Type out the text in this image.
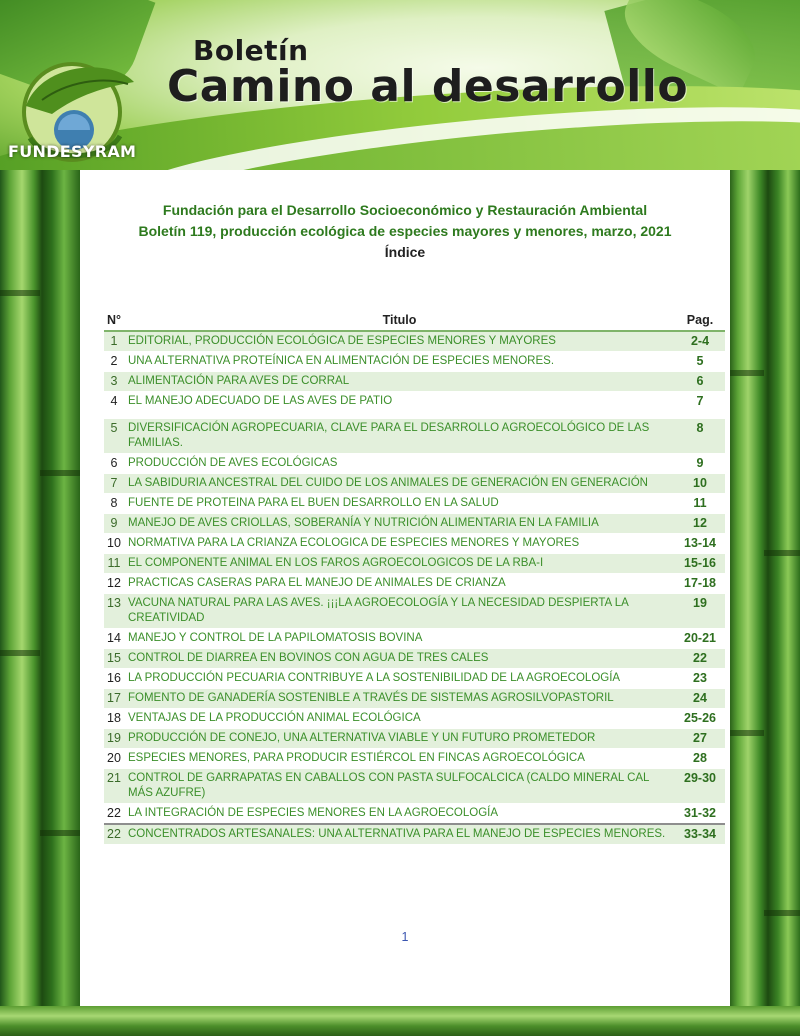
Boletín
Camino al desarrollo
FUNDESYRAM
Fundación para el Desarrollo Socioeconómico y Restauración Ambiental
Boletín 119, producción ecológica de especies mayores y menores, marzo, 2021
Índice
N°	Titulo	Pag.
1	EDITORIAL, PRODUCCIÓN ECOLÓGICA DE ESPECIES MENORES Y MAYORES	2-4
2	UNA ALTERNATIVA PROTEÍNICA EN ALIMENTACIÓN DE ESPECIES MENORES.	5
3	ALIMENTACIÓN PARA AVES DE CORRAL	6
4	EL MANEJO ADECUADO DE LAS AVES DE PATIO	7
5	DIVERSIFICACIÓN AGROPECUARIA, CLAVE PARA EL DESARROLLO AGROECOLÓGICO DE LAS FAMILIAS.	8
6	PRODUCCIÓN DE AVES ECOLÓGICAS	9
7	LA SABIDURIA ANCESTRAL DEL CUIDO DE LOS ANIMALES DE GENERACIÓN EN GENERACIÓN	10
8	FUENTE DE PROTEINA PARA EL BUEN DESARROLLO EN LA SALUD	11
9	MANEJO DE AVES CRIOLLAS, SOBERANÍA Y NUTRICIÓN ALIMENTARIA EN LA FAMILIA	12
10	NORMATIVA PARA LA CRIANZA ECOLOGICA DE ESPECIES MENORES Y MAYORES	13-14
11	EL COMPONENTE ANIMAL EN LOS FAROS AGROECOLOGICOS DE LA RBA-I	15-16
12	PRACTICAS CASERAS PARA EL MANEJO DE ANIMALES DE CRIANZA	17-18
13	VACUNA NATURAL PARA LAS AVES. ¡¡¡LA AGROECOLOGÍA Y LA NECESIDAD DESPIERTA LA CREATIVIDAD	19
14	MANEJO Y CONTROL DE LA PAPILOMATOSIS BOVINA	20-21
15	CONTROL DE DIARREA EN BOVINOS CON AGUA DE TRES CALES	22
16	LA PRODUCCIÓN PECUARIA CONTRIBUYE A LA SOSTENIBILIDAD DE LA AGROECOLOGÍA	23
17	FOMENTO DE GANADERÍA SOSTENIBLE A TRAVÉS DE SISTEMAS AGROSILVOPASTORIL	24
18	VENTAJAS DE LA PRODUCCIÓN ANIMAL ECOLÓGICA	25-26
19	PRODUCCIÓN DE CONEJO, UNA ALTERNATIVA VIABLE Y UN FUTURO PROMETEDOR	27
20	ESPECIES MENORES, PARA PRODUCIR ESTIÉRCOL EN FINCAS AGROECOLÓGICA	28
21	CONTROL DE GARRAPATAS EN CABALLOS CON PASTA SULFOCALCICA (CALDO MINERAL CAL MÁS AZUFRE)	29-30
22	LA INTEGRACIÓN DE ESPECIES MENORES EN LA AGROECOLOGÍA	31-32
22	CONCENTRADOS ARTESANALES: UNA ALTERNATIVA PARA EL MANEJO DE ESPECIES MENORES.	33-34
1
